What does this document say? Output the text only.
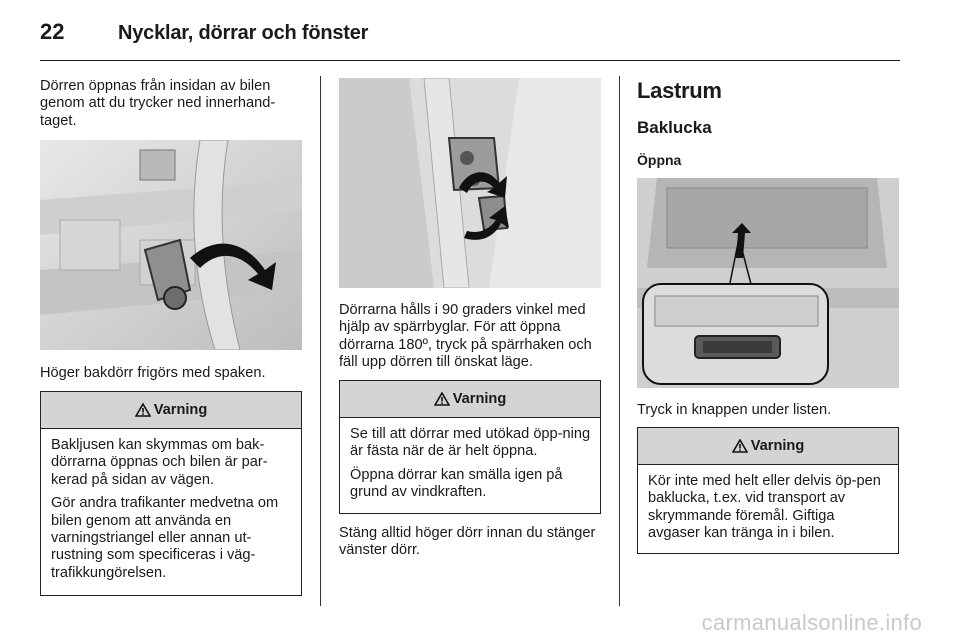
22	Nycklar, dörrar och fönster

Dörren öppnas från insidan av bilen genom att du trycker ned innerhand-taget.

Höger bakdörr frigörs med spaken.

Varning

Bakljusen kan skymmas om bak-dörrarna öppnas och bilen är par-kerad på sidan av vägen.

Gör andra trafikanter medvetna om bilen genom att använda en varningstriangel eller annan ut-rustning som specificeras i väg-trafikkungörelsen.

Dörrarna hålls i 90 graders vinkel med hjälp av spärrbyglar. För att öppna dörrarna 180º, tryck på spärrhaken och fäll upp dörren till önskat läge.

Varning

Se till att dörrar med utökad öpp-ning är fästa när de är helt öppna.

Öppna dörrar kan smälla igen på grund av vindkraften.

Stäng alltid höger dörr innan du stänger vänster dörr.

Lastrum
Baklucka
Öppna

Tryck in knappen under listen.

Varning

Kör inte med helt eller delvis öp-pen baklucka, t.ex. vid transport av skrymmande föremål. Giftiga avgaser kan tränga in i bilen.

carmanualsonline.info
